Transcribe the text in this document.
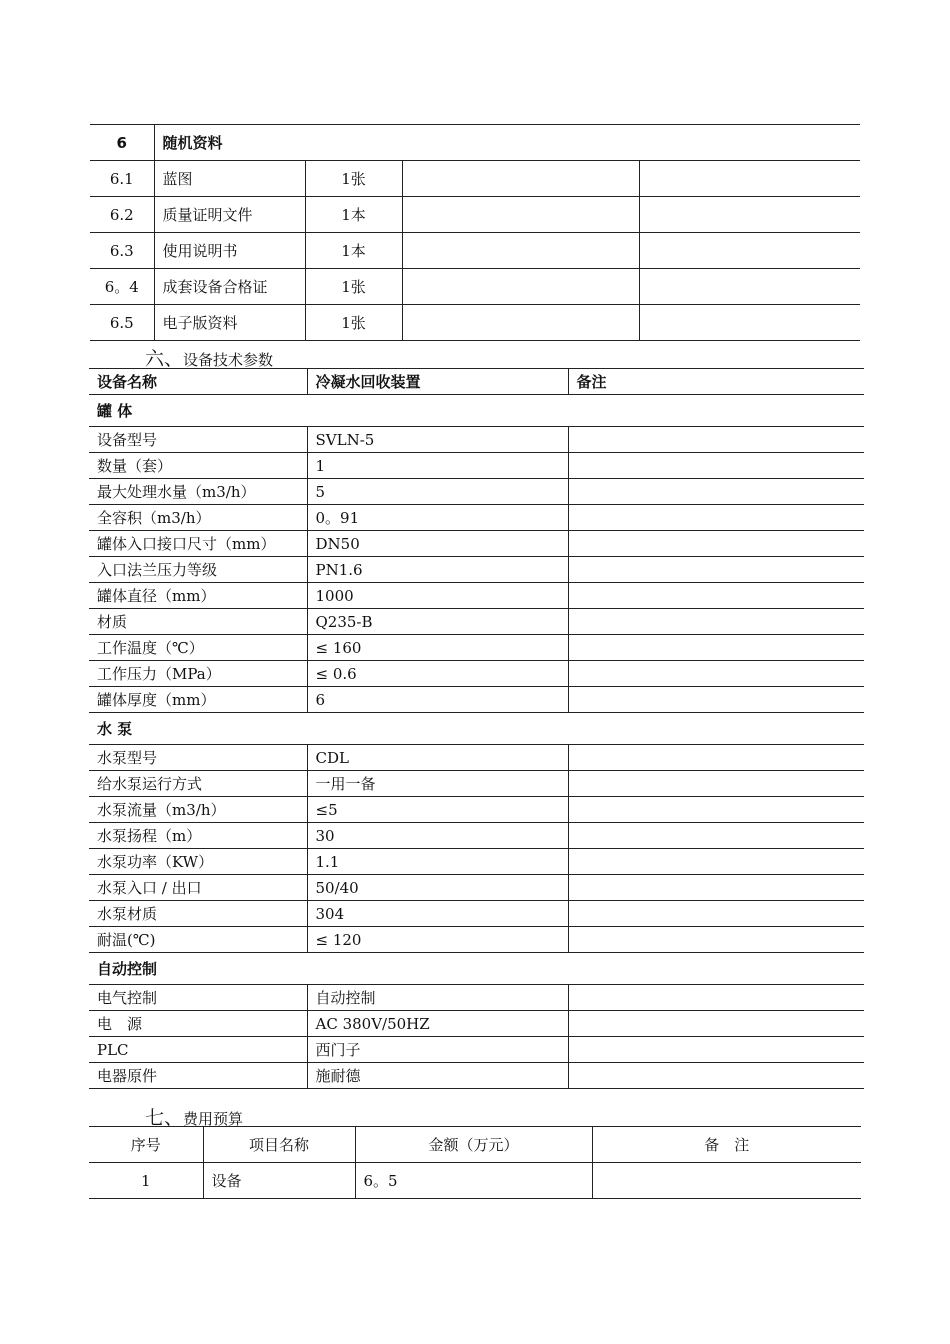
6	随机资料			
6.1	蓝图	1张		
6.2	质量证明文件	1本		
6.3	使用说明书	1本		
6。4	成套设备合格证	1张		
6.5	电子版资料	1张		
六、设备技术参数
设备名称	冷凝水回收装置	备注
罐 体		
设备型号	SVLN-5	
数量（套）	1	
最大处理水量（m3/h）	5	
全容积（m3/h）	0。91	
罐体入口接口尺寸（mm）	DN50	
入口法兰压力等级	PN1.6	
罐体直径（mm）	1000	
材质	Q235-B	
工作温度（℃）	≤ 160	
工作压力（MPa）	≤ 0.6	
罐体厚度（mm）	6	
水 泵		
水泵型号	CDL	
给水泵运行方式	一用一备	
水泵流量（m3/h）	≤5	
水泵扬程（m）	30	
水泵功率（KW）	1.1	
水泵入口 / 出口	50/40	
水泵材质	304	
耐温(℃)	≤ 120	
自动控制		
电气控制	自动控制	
电　源	AC 380V/50HZ	
PLC	西门子	
电器原件	施耐德	
七、费用预算
序号	项目名称	金额（万元）	备　注
1	设备	6。5	
